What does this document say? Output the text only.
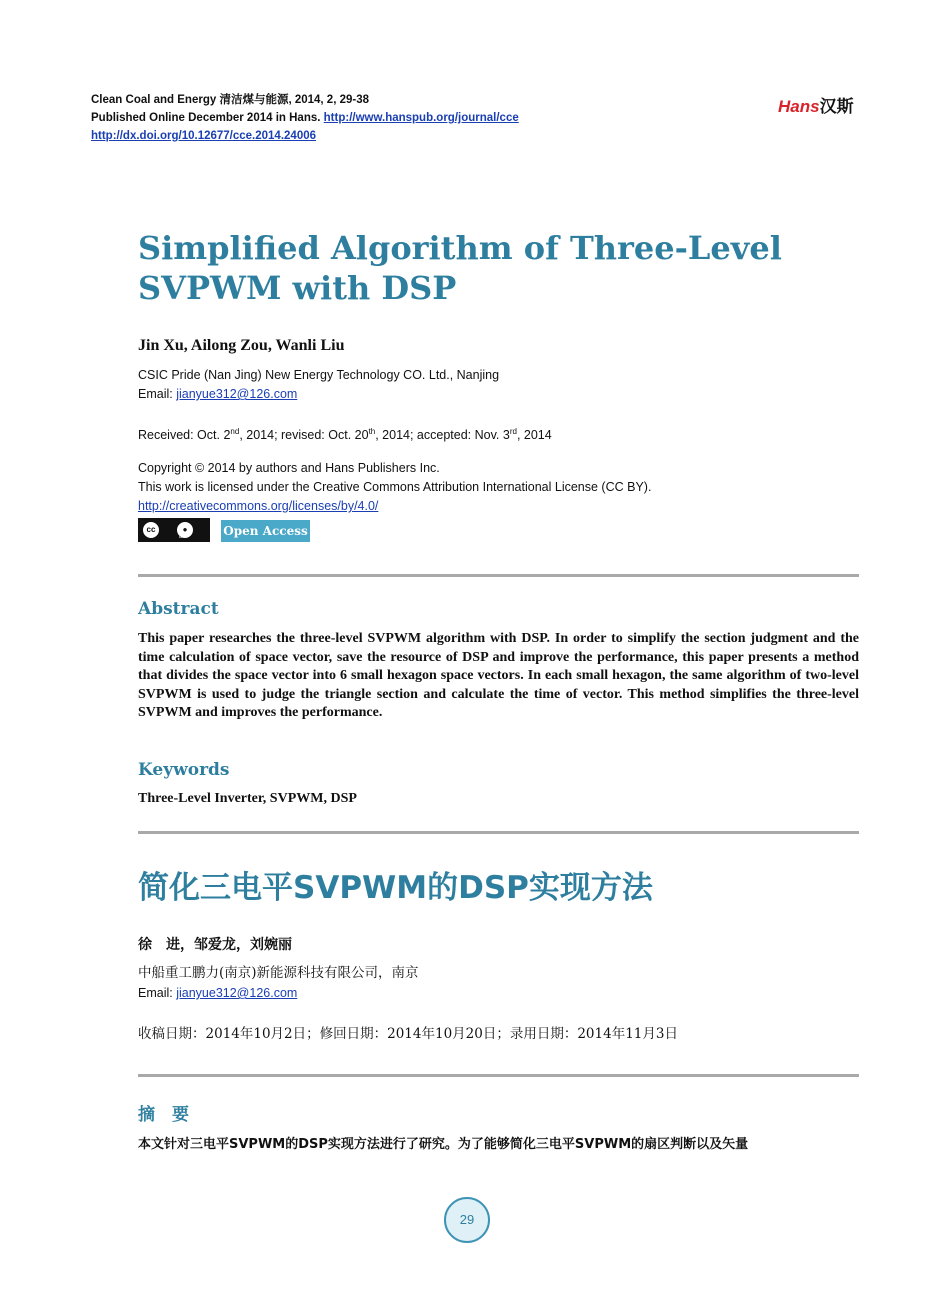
Clean Coal and Energy 清洁煤与能源, 2014, 2, 29-38
Published Online December 2014 in Hans. http://www.hanspub.org/journal/cce
http://dx.doi.org/10.12677/cce.2014.24006
Hans汉斯
Simplified Algorithm of Three-Level SVPWM with DSP
Jin Xu, Ailong Zou, Wanli Liu
CSIC Pride (Nan Jing) New Energy Technology CO. Ltd., Nanjing
Email: jianyue312@126.com
Received: Oct. 2nd, 2014; revised: Oct. 20th, 2014; accepted: Nov. 3rd, 2014
Copyright © 2014 by authors and Hans Publishers Inc.
This work is licensed under the Creative Commons Attribution International License (CC BY).
http://creativecommons.org/licenses/by/4.0/
cc	●
BY	Open Access
Abstract

This paper researches the three-level SVPWM algorithm with DSP. In order to simplify the section judgment and the time calculation of space vector, save the resource of DSP and improve the performance, this paper presents a method that divides the space vector into 6 small hexagon space vectors. In each small hexagon, the same algorithm of two-level SVPWM is used to judge the triangle section and calculate the time of vector. This method simplifies the three-level SVPWM and improves the performance.

Keywords
Three-Level Inverter, SVPWM, DSP
简化三电平SVPWM的DSP实现方法
徐　进，邹爱龙，刘婉丽
中船重工鹏力(南京)新能源科技有限公司，南京
Email: jianyue312@126.com
收稿日期：2014年10月2日；修回日期：2014年10月20日；录用日期：2014年11月3日
摘　要

本文针对三电平SVPWM的DSP实现方法进行了研究。为了能够简化三电平SVPWM的扇区判断以及矢量

29
